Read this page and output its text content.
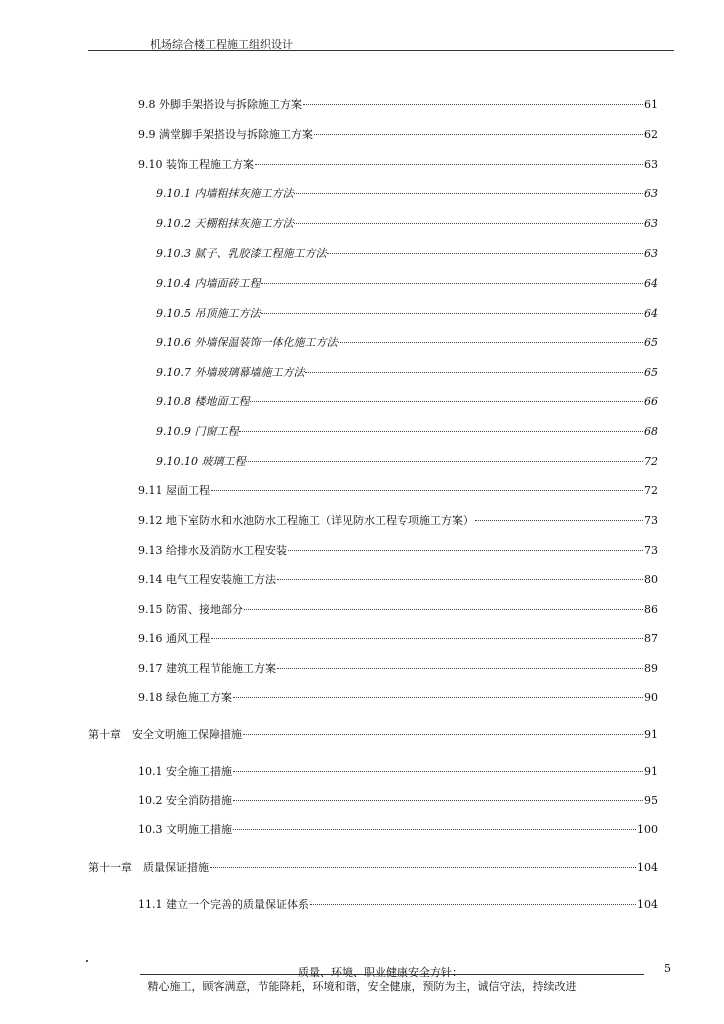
机场综合楼工程施工组织设计
9.8 外脚手架搭设与拆除施工方案	61
9.9 满堂脚手架搭设与拆除施工方案	62
9.10 装饰工程施工方案	63
9.10.1 内墙粗抹灰施工方法	63
9.10.2 天棚粗抹灰施工方法	63
9.10.3 腻子、乳胶漆工程施工方法	63
9.10.4 内墙面砖工程	64
9.10.5 吊顶施工方法	64
9.10.6 外墙保温装饰一体化施工方法	65
9.10.7 外墙玻璃幕墙施工方法	65
9.10.8 楼地面工程	66
9.10.9 门窗工程	68
9.10.10 玻璃工程	72
9.11 屋面工程	72
9.12 地下室防水和水池防水工程施工（详见防水工程专项施工方案）	73
9.13 给排水及消防水工程安装	73
9.14 电气工程安装施工方法	80
9.15 防雷、接地部分	86
9.16 通风工程	87
9.17 建筑工程节能施工方案	89
9.18 绿色施工方案	90
第十章　安全文明施工保障措施	91
10.1 安全施工措施	91
10.2 安全消防措施	95
10.3 文明施工措施	100
第十一章　质量保证措施	104
11.1 建立一个完善的质量保证体系	104
质量、环境、职业健康安全方针：	5
精心施工，顾客满意，节能降耗，环境和谐，安全健康，预防为主，诚信守法，持续改进
